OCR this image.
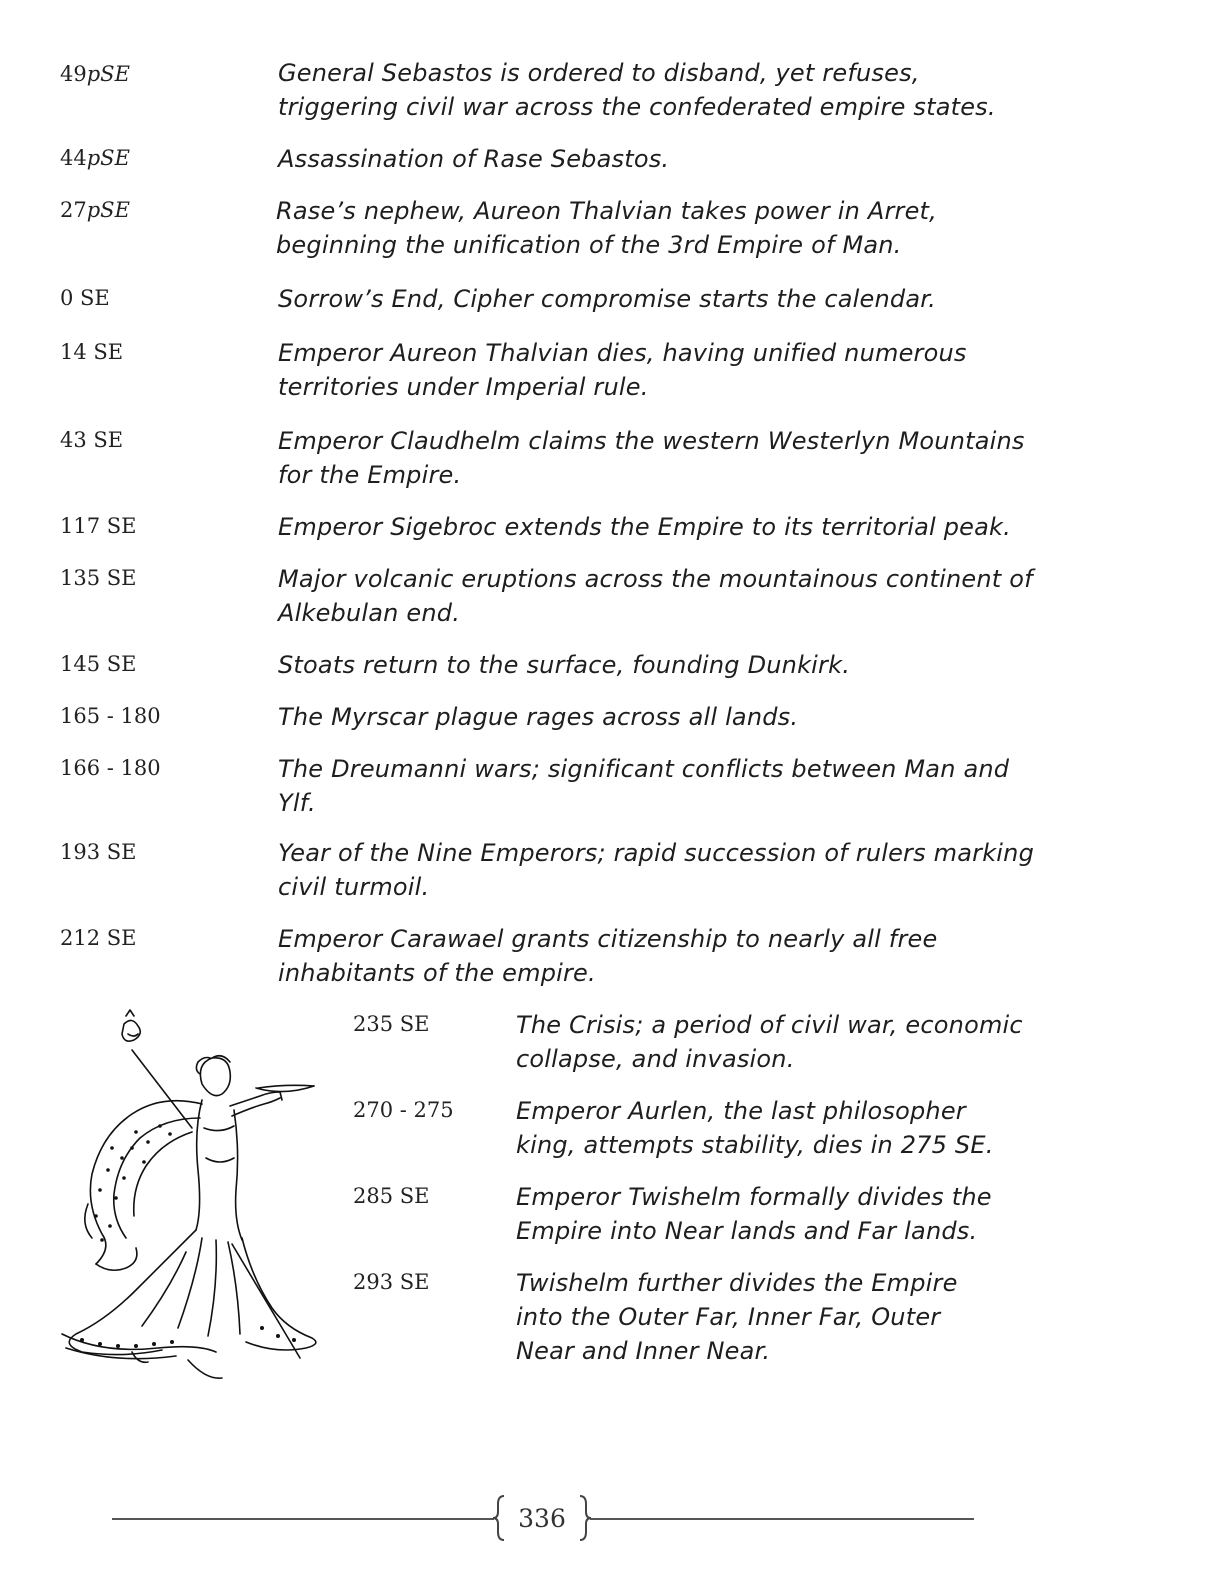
49pSE	General Sebastos is ordered to disband, yet refuses,
triggering civil war across the confederated empire states.
44pSE	Assassination of Rase Sebastos.
27pSE	Rase’s nephew, Aureon Thalvian takes power in Arret,
beginning the unification of the 3rd Empire of Man.
0 SE	Sorrow’s End, Cipher compromise starts the calendar.
14 SE	Emperor Aureon Thalvian dies, having unified numerous
territories under Imperial rule.
43 SE	Emperor Claudhelm claims the western Westerlyn Mountains
for the Empire.
117 SE	Emperor Sigebroc extends the Empire to its territorial peak.
135 SE	Major volcanic eruptions across the mountainous continent of
Alkebulan end.
145 SE	Stoats return to the surface, founding Dunkirk.
165 - 180	The Myrscar plague rages across all lands.
166 - 180	The Dreumanni wars; significant conflicts between Man and
Ylf.
193 SE	Year of the Nine Emperors; rapid succession of rulers marking
civil turmoil.
212 SE	Emperor Carawael grants citizenship to nearly all free
inhabitants of the empire.
235 SE	The Crisis; a period of civil war, economic
collapse, and invasion.
270 - 275	Emperor Aurlen, the last philosopher
king, attempts stability, dies in 275 SE.
285 SE	Emperor Twishelm formally divides the
Empire into Near lands and Far lands.
293 SE	Twishelm further divides the Empire
into the Outer Far, Inner Far, Outer
Near and Inner Near.
336
